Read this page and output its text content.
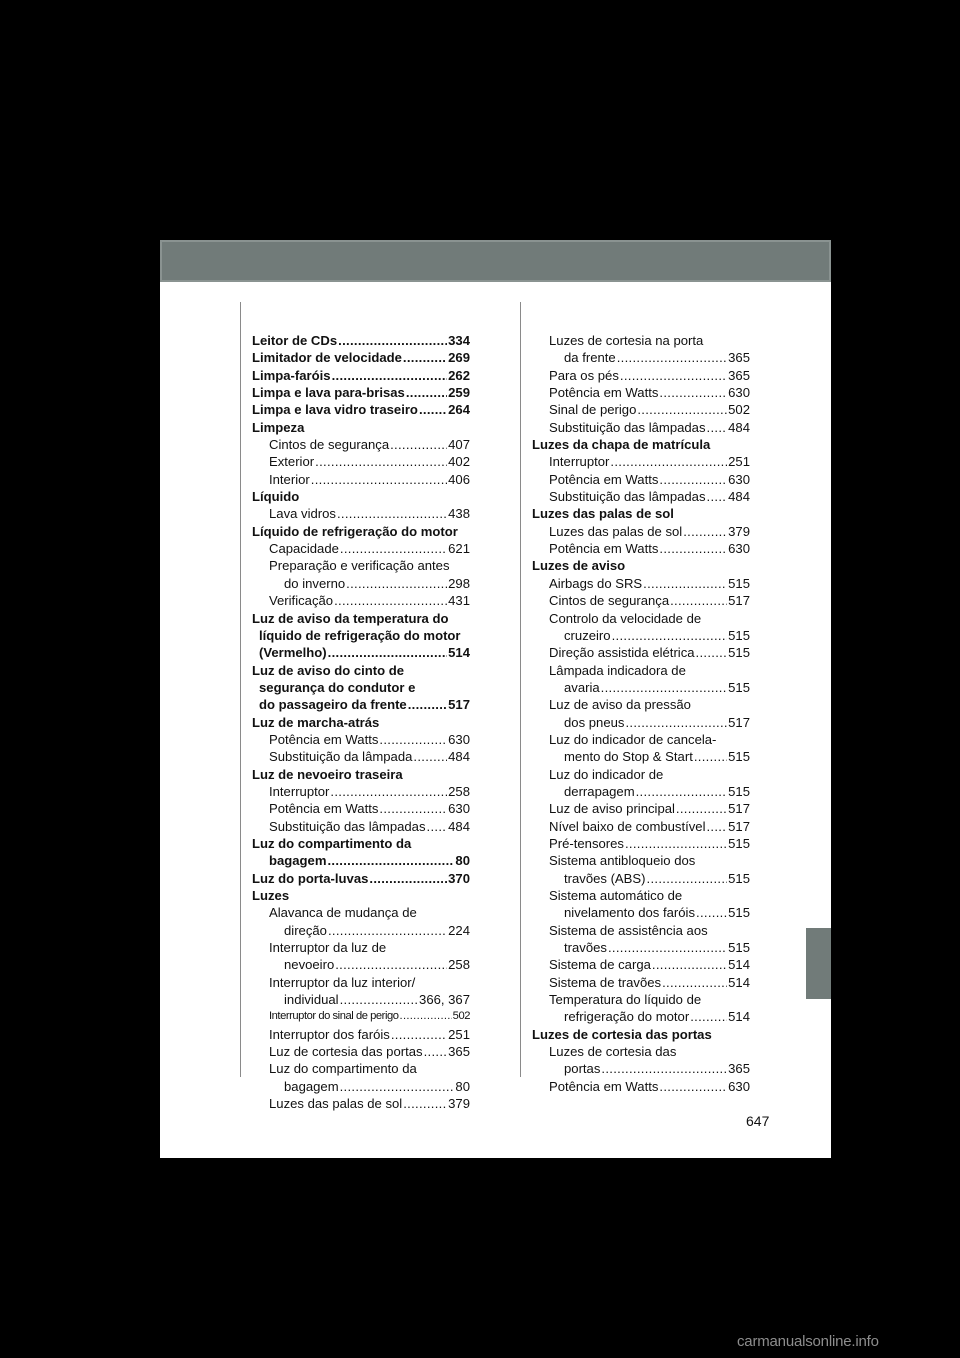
Leitor de CDs .....	334
Limitador de velocidade .....	269
Limpa-faróis .....	262
Limpa e lava para-brisas .....	259
Limpa e lava vidro traseiro ..... 264
Limpeza
Cintos de segurança .....	407
Exterior .....	402
Interior .....	406
Líquido
Lava vidros .....	438
Líquido de refrigeração do motor
Capacidade .....	621
Preparação e verificação antes
do inverno .....	298
Verificação .....	431
Luz de aviso da temperatura do
líquido de refrigeração do motor
(Vermelho) .....	514
Luz de aviso do cinto de
segurança do condutor e
do passageiro da frente .....	517
Luz de marcha-atrás
Potência em Watts .....	630
Substituição da lâmpada .....	484
Luz de nevoeiro traseira
Interruptor .....	258
Potência em Watts .....	630
Substituição das lâmpadas ..... 484
Luz do compartimento da
bagagem .....	80
Luz do porta-luvas .....	370
Luzes
Alavanca de mudança de
direção .....	224
Interruptor da luz de
nevoeiro .....	258
Interruptor da luz interior/
individual .....	366, 367
Interruptor do sinal de perigo .....	502
Interruptor dos faróis .....	251
Luz de cortesia das portas ..... 365
Luz do compartimento da
bagagem .....	80
Luzes das palas de sol .....	379
Luzes de cortesia na porta
da frente .....	365
Para os pés .....	365
Potência em Watts .....	630
Sinal de perigo .....	502
Substituição das lâmpadas ..... 484
Luzes da chapa de matrícula
Interruptor .....	251
Potência em Watts .....	630
Substituição das lâmpadas ..... 484
Luzes das palas de sol
Luzes das palas de sol .....	379
Potência em Watts .....	630
Luzes de aviso
Airbags do SRS .....	515
Cintos de segurança .....	517
Controlo da velocidade de
cruzeiro .....	515
Direção assistida elétrica .....	515
Lâmpada indicadora de
avaria .....	515
Luz de aviso da pressão
dos pneus .....	517
Luz do indicador de cancela-
mento do Stop & Start .....	515
Luz do indicador de
derrapagem .....	515
Luz de aviso principal .....	517
Nível baixo de combustível ..... 517
Pré-tensores .....	515
Sistema antibloqueio dos
travões (ABS) .....	515
Sistema automático de
nivelamento dos faróis .....	515
Sistema de assistência aos
travões .....	515
Sistema de carga .....	514
Sistema de travões .....	514
Temperatura do líquido de
refrigeração do motor .....	514
Luzes de cortesia das portas
Luzes de cortesia das
portas .....	365
Potência em Watts .....	630
647
carmanualsonline.info
